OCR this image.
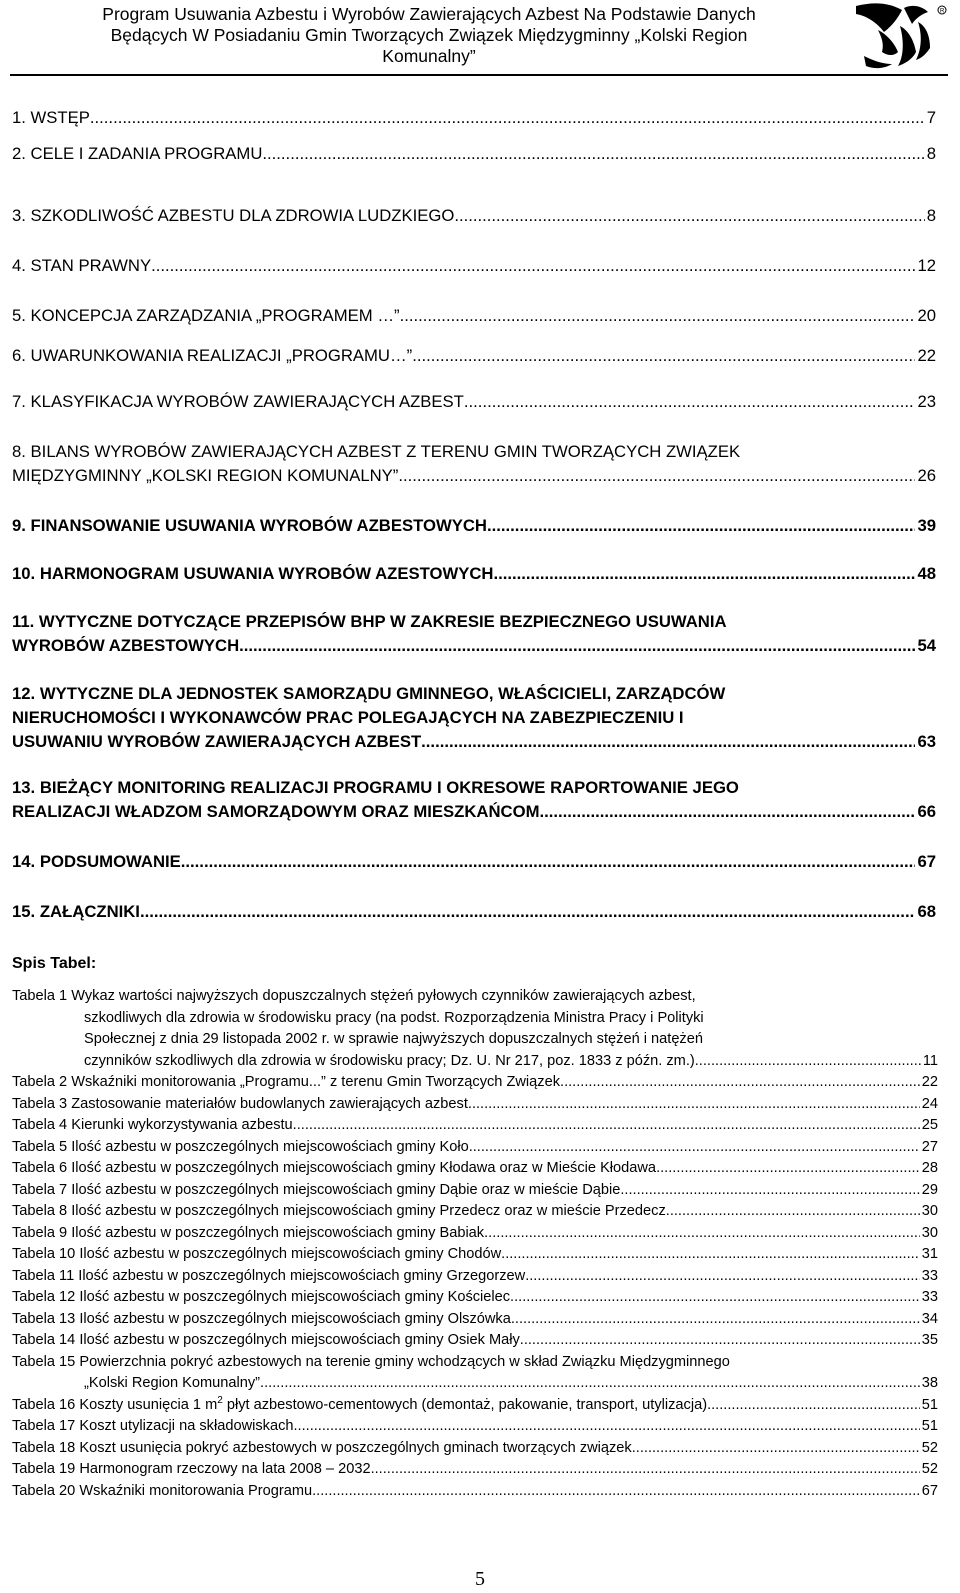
Program Usuwania Azbestu i Wyrobów Zawierających Azbest Na Podstawie Danych
Będących W Posiadaniu Gmin Tworzących Związek Międzygminny „Kolski Region
Komunalny”
R
1. WSTĘP .....	7
2. CELE I ZADANIA PROGRAMU .....	8
3. SZKODLIWOŚĆ AZBESTU DLA ZDROWIA LUDZKIEGO .....	8
4. STAN PRAWNY .....	12
5. KONCEPCJA ZARZĄDZANIA „PROGRAMEM …” .....	20
6. UWARUNKOWANIA REALIZACJI „PROGRAMU…” .....	22
7. KLASYFIKACJA WYROBÓW ZAWIERAJĄCYCH AZBEST .....	23
8. BILANS WYROBÓW ZAWIERAJĄCYCH AZBEST Z TERENU GMIN TWORZĄCYCH ZWIĄZEK
MIĘDZYGMINNY „KOLSKI REGION KOMUNALNY” .....	26
9. FINANSOWANIE USUWANIA WYROBÓW AZBESTOWYCH .....	39
10. HARMONOGRAM USUWANIA WYROBÓW AZESTOWYCH .....	48
11. WYTYCZNE DOTYCZĄCE PRZEPISÓW BHP W ZAKRESIE BEZPIECZNEGO USUWANIA
WYROBÓW AZBESTOWYCH .....	54
12. WYTYCZNE DLA JEDNOSTEK SAMORZĄDU GMINNEGO, WŁAŚCICIELI, ZARZĄDCÓW
NIERUCHOMOŚCI I WYKONAWCÓW PRAC POLEGAJĄCYCH NA ZABEZPIECZENIU I
USUWANIU WYROBÓW ZAWIERAJĄCYCH AZBEST .....	63
13. BIEŻĄCY MONITORING REALIZACJI PROGRAMU I OKRESOWE RAPORTOWANIE JEGO
REALIZACJI WŁADZOM SAMORZĄDOWYM ORAZ MIESZKAŃCOM .....	66
14. PODSUMOWANIE .....	67
15. ZAŁĄCZNIKI .....	68
Spis Tabel:
Tabela 1 Wykaz wartości najwyższych dopuszczalnych stężeń pyłowych czynników zawierających azbest,
szkodliwych dla zdrowia w środowisku pracy (na podst. Rozporządzenia Ministra Pracy i Polityki
Społecznej z dnia 29 listopada 2002 r. w sprawie najwyższych dopuszczalnych stężeń i natężeń
czynników szkodliwych dla zdrowia w środowisku pracy; Dz. U. Nr 217, poz. 1833 z późn. zm.). .....	11
Tabela 2 Wskaźniki monitorowania „Programu...” z terenu Gmin Tworzących Związek .....	22
Tabela 3 Zastosowanie materiałów budowlanych zawierających azbest .....	24
Tabela 4 Kierunki wykorzystywania azbestu .....	25
Tabela 5 Ilość azbestu w poszczególnych miejscowościach gminy Koło .....	27
Tabela 6 Ilość azbestu w poszczególnych miejscowościach gminy Kłodawa oraz w Mieście Kłodawa .....	28
Tabela 7 Ilość azbestu w poszczególnych miejscowościach gminy Dąbie oraz w mieście Dąbie .....	29
Tabela 8 Ilość azbestu w poszczególnych miejscowościach gminy Przedecz oraz w mieście Przedecz .....	30
Tabela 9 Ilość azbestu w poszczególnych miejscowościach gminy Babiak .....	30
Tabela 10 Ilość azbestu w poszczególnych miejscowościach gminy Chodów .....	31
Tabela 11 Ilość azbestu w poszczególnych miejscowościach gminy Grzegorzew .....	33
Tabela 12 Ilość azbestu w poszczególnych miejscowościach gminy Kościelec .....	33
Tabela 13 Ilość azbestu w poszczególnych miejscowościach gminy Olszówka .....	34
Tabela 14 Ilość azbestu w poszczególnych miejscowościach gminy Osiek Mały .....	35
Tabela 15 Powierzchnia pokryć azbestowych na terenie gminy wchodzących w skład Związku Międzygminnego
„Kolski Region Komunalny” .....	38
Tabela 16 Koszty usunięcia 1 $m^2$ płyt azbestowo-cementowych (demontaż, pakowanie, transport, utylizacja) .....	51
Tabela 17 Koszt utylizacji na składowiskach .....	51
Tabela 18 Koszt usunięcia pokryć azbestowych w poszczególnych gminach tworzących związek .....	52
Tabela 19 Harmonogram rzeczowy na lata 2008 – 2032 .....	52
Tabela 20 Wskaźniki monitorowania Programu .....	67
5
